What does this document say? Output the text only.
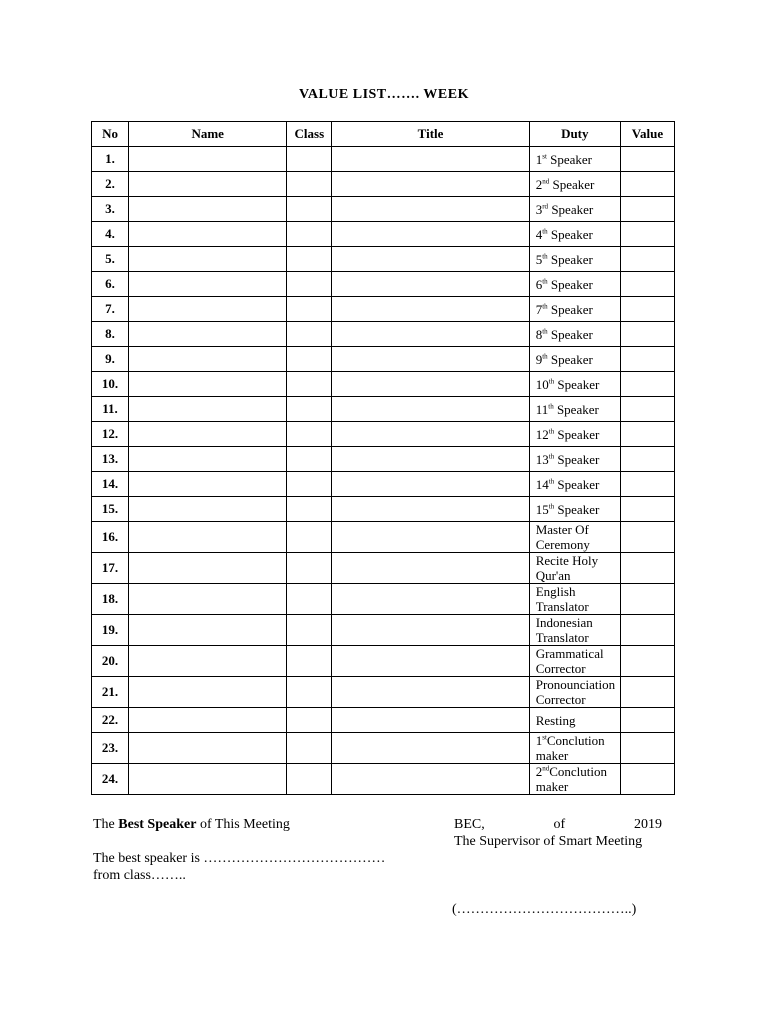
VALUE LIST……. WEEK
No	Name	Class	Title	Duty	Value
1.				1st Speaker	
2.				2nd Speaker	
3.				3rd Speaker	
4.				4th Speaker	
5.				5th Speaker	
6.				6th Speaker	
7.				7th Speaker	
8.				8th Speaker	
9.				9th Speaker	
10.				10th Speaker	
11.				11th Speaker	
12.				12th Speaker	
13.				13th Speaker	
14.				14th Speaker	
15.				15th Speaker	
16.				Master Of Ceremony	
17.				Recite Holy Qur'an	
18.				English Translator	
19.				Indonesian Translator	
20.				Grammatical Corrector	
21.				Pronounciation Corrector	
22.				Resting	
23.				1stConclution maker	
24.				2ndConclution maker	
The Best Speaker of This Meeting	BEC,	of	2019
The Supervisor of Smart Meeting
The best speaker is …………………………………
from class……..
(………………………………..)
